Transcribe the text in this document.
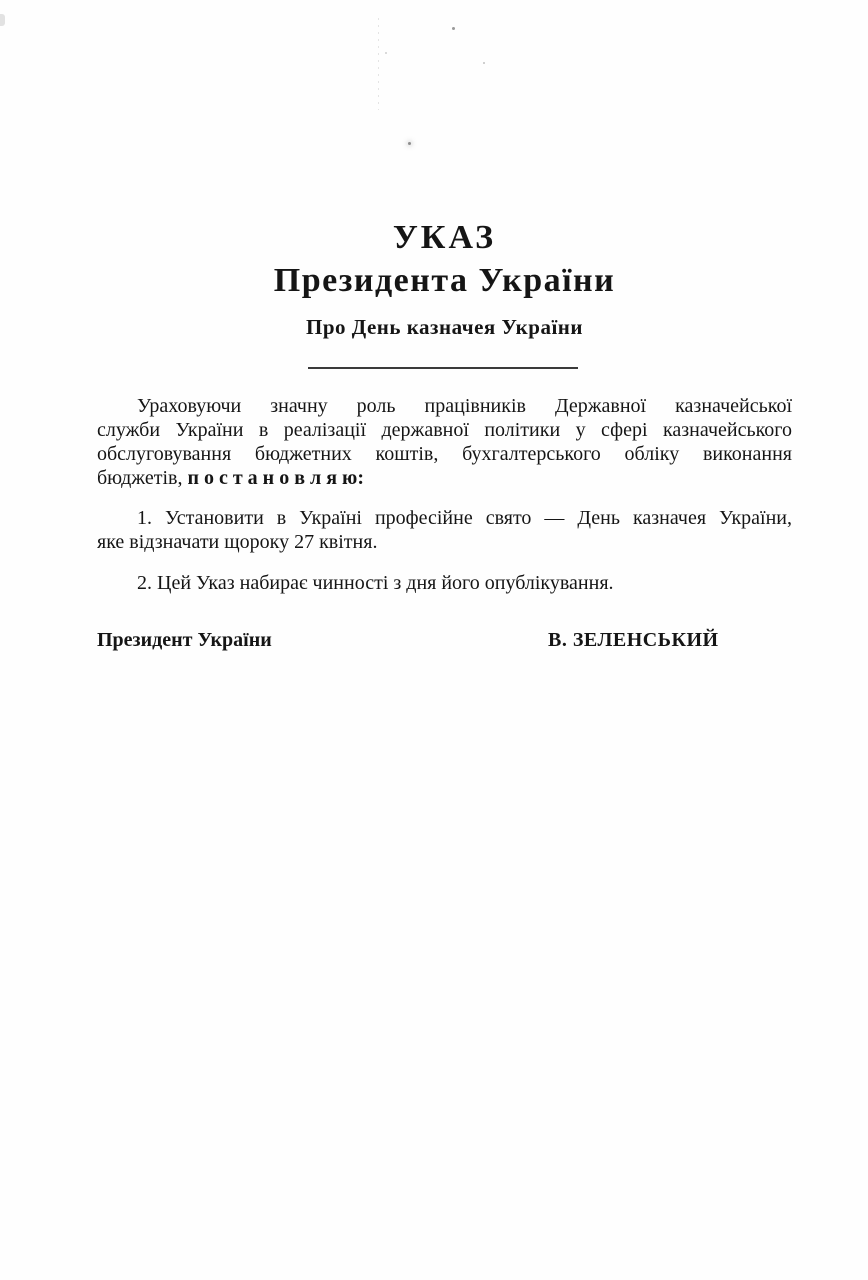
УКАЗ
Президента України
Про День казначея України
Ураховуючи значну роль працівників Державної казначейської
служби України в реалізації державної політики у сфері казначейського
обслуговування бюджетних коштів, бухгалтерського обліку виконання
бюджетів, п о с т а н о в л я ю:
1. Установити в Україні професійне свято — День казначея України,
яке відзначати щороку 27 квітня.
2. Цей Указ набирає чинності з дня його опублікування.
Президент України	В. ЗЕЛЕНСЬКИЙ
